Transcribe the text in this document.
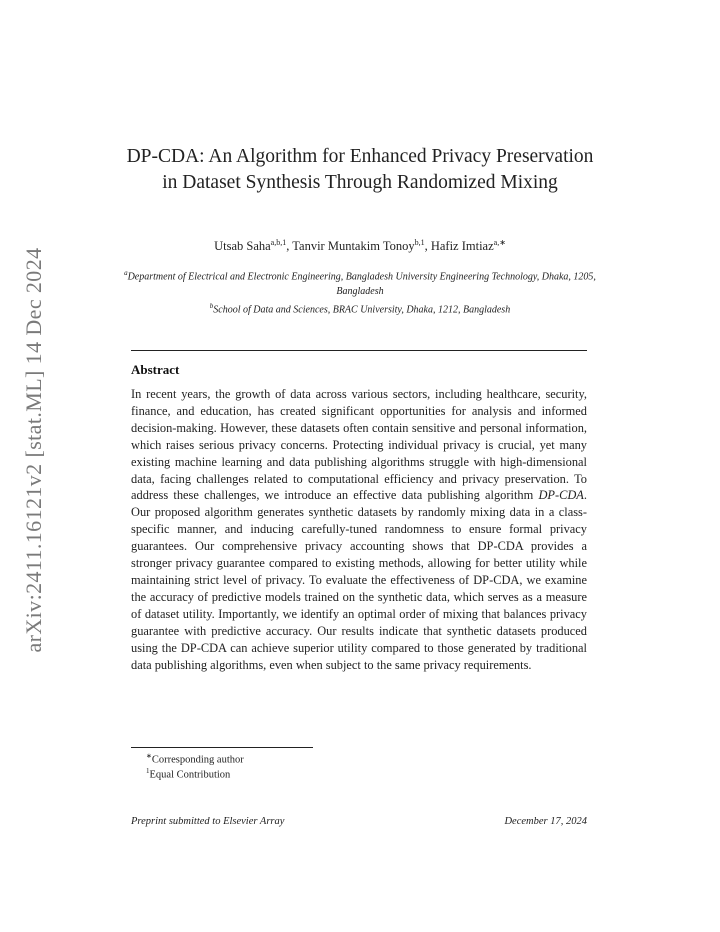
arXiv:2411.16121v2 [stat.ML] 14 Dec 2024
DP-CDA: An Algorithm for Enhanced Privacy Preservation in Dataset Synthesis Through Randomized Mixing
Utsab Saha$^{a,b,1}$, Tanvir Muntakim Tonoy$^{b,1}$, Hafiz Imtiaz$^{a,∗}$
$^a$Department of Electrical and Electronic Engineering, Bangladesh University Engineering Technology, Dhaka, 1205, Bangladesh
$^b$School of Data and Sciences, BRAC University, Dhaka, 1212, Bangladesh
Abstract

In recent years, the growth of data across various sectors, including healthcare, security, finance, and education, has created significant opportunities for analysis and informed decision-making. However, these datasets often contain sensitive and personal information, which raises serious privacy concerns. Protecting individual privacy is crucial, yet many existing machine learning and data publishing algorithms struggle with high-dimensional data, facing challenges related to computational efficiency and privacy preservation. To address these challenges, we introduce an effective data publishing algorithm DP-CDA. Our proposed algorithm generates synthetic datasets by randomly mixing data in a class-specific manner, and inducing carefully-tuned randomness to ensure formal privacy guarantees. Our comprehensive privacy accounting shows that DP-CDA provides a stronger privacy guarantee compared to existing methods, allowing for better utility while maintaining strict level of privacy. To evaluate the effectiveness of DP-CDA, we examine the accuracy of predictive models trained on the synthetic data, which serves as a measure of dataset utility. Importantly, we identify an optimal order of mixing that balances privacy guarantee with predictive accuracy. Our results indicate that synthetic datasets produced using the DP-CDA can achieve superior utility compared to those generated by traditional data publishing algorithms, even when subject to the same privacy requirements.

∗Corresponding author
$^1$Equal Contribution
Preprint submitted to Elsevier Array	December 17, 2024
